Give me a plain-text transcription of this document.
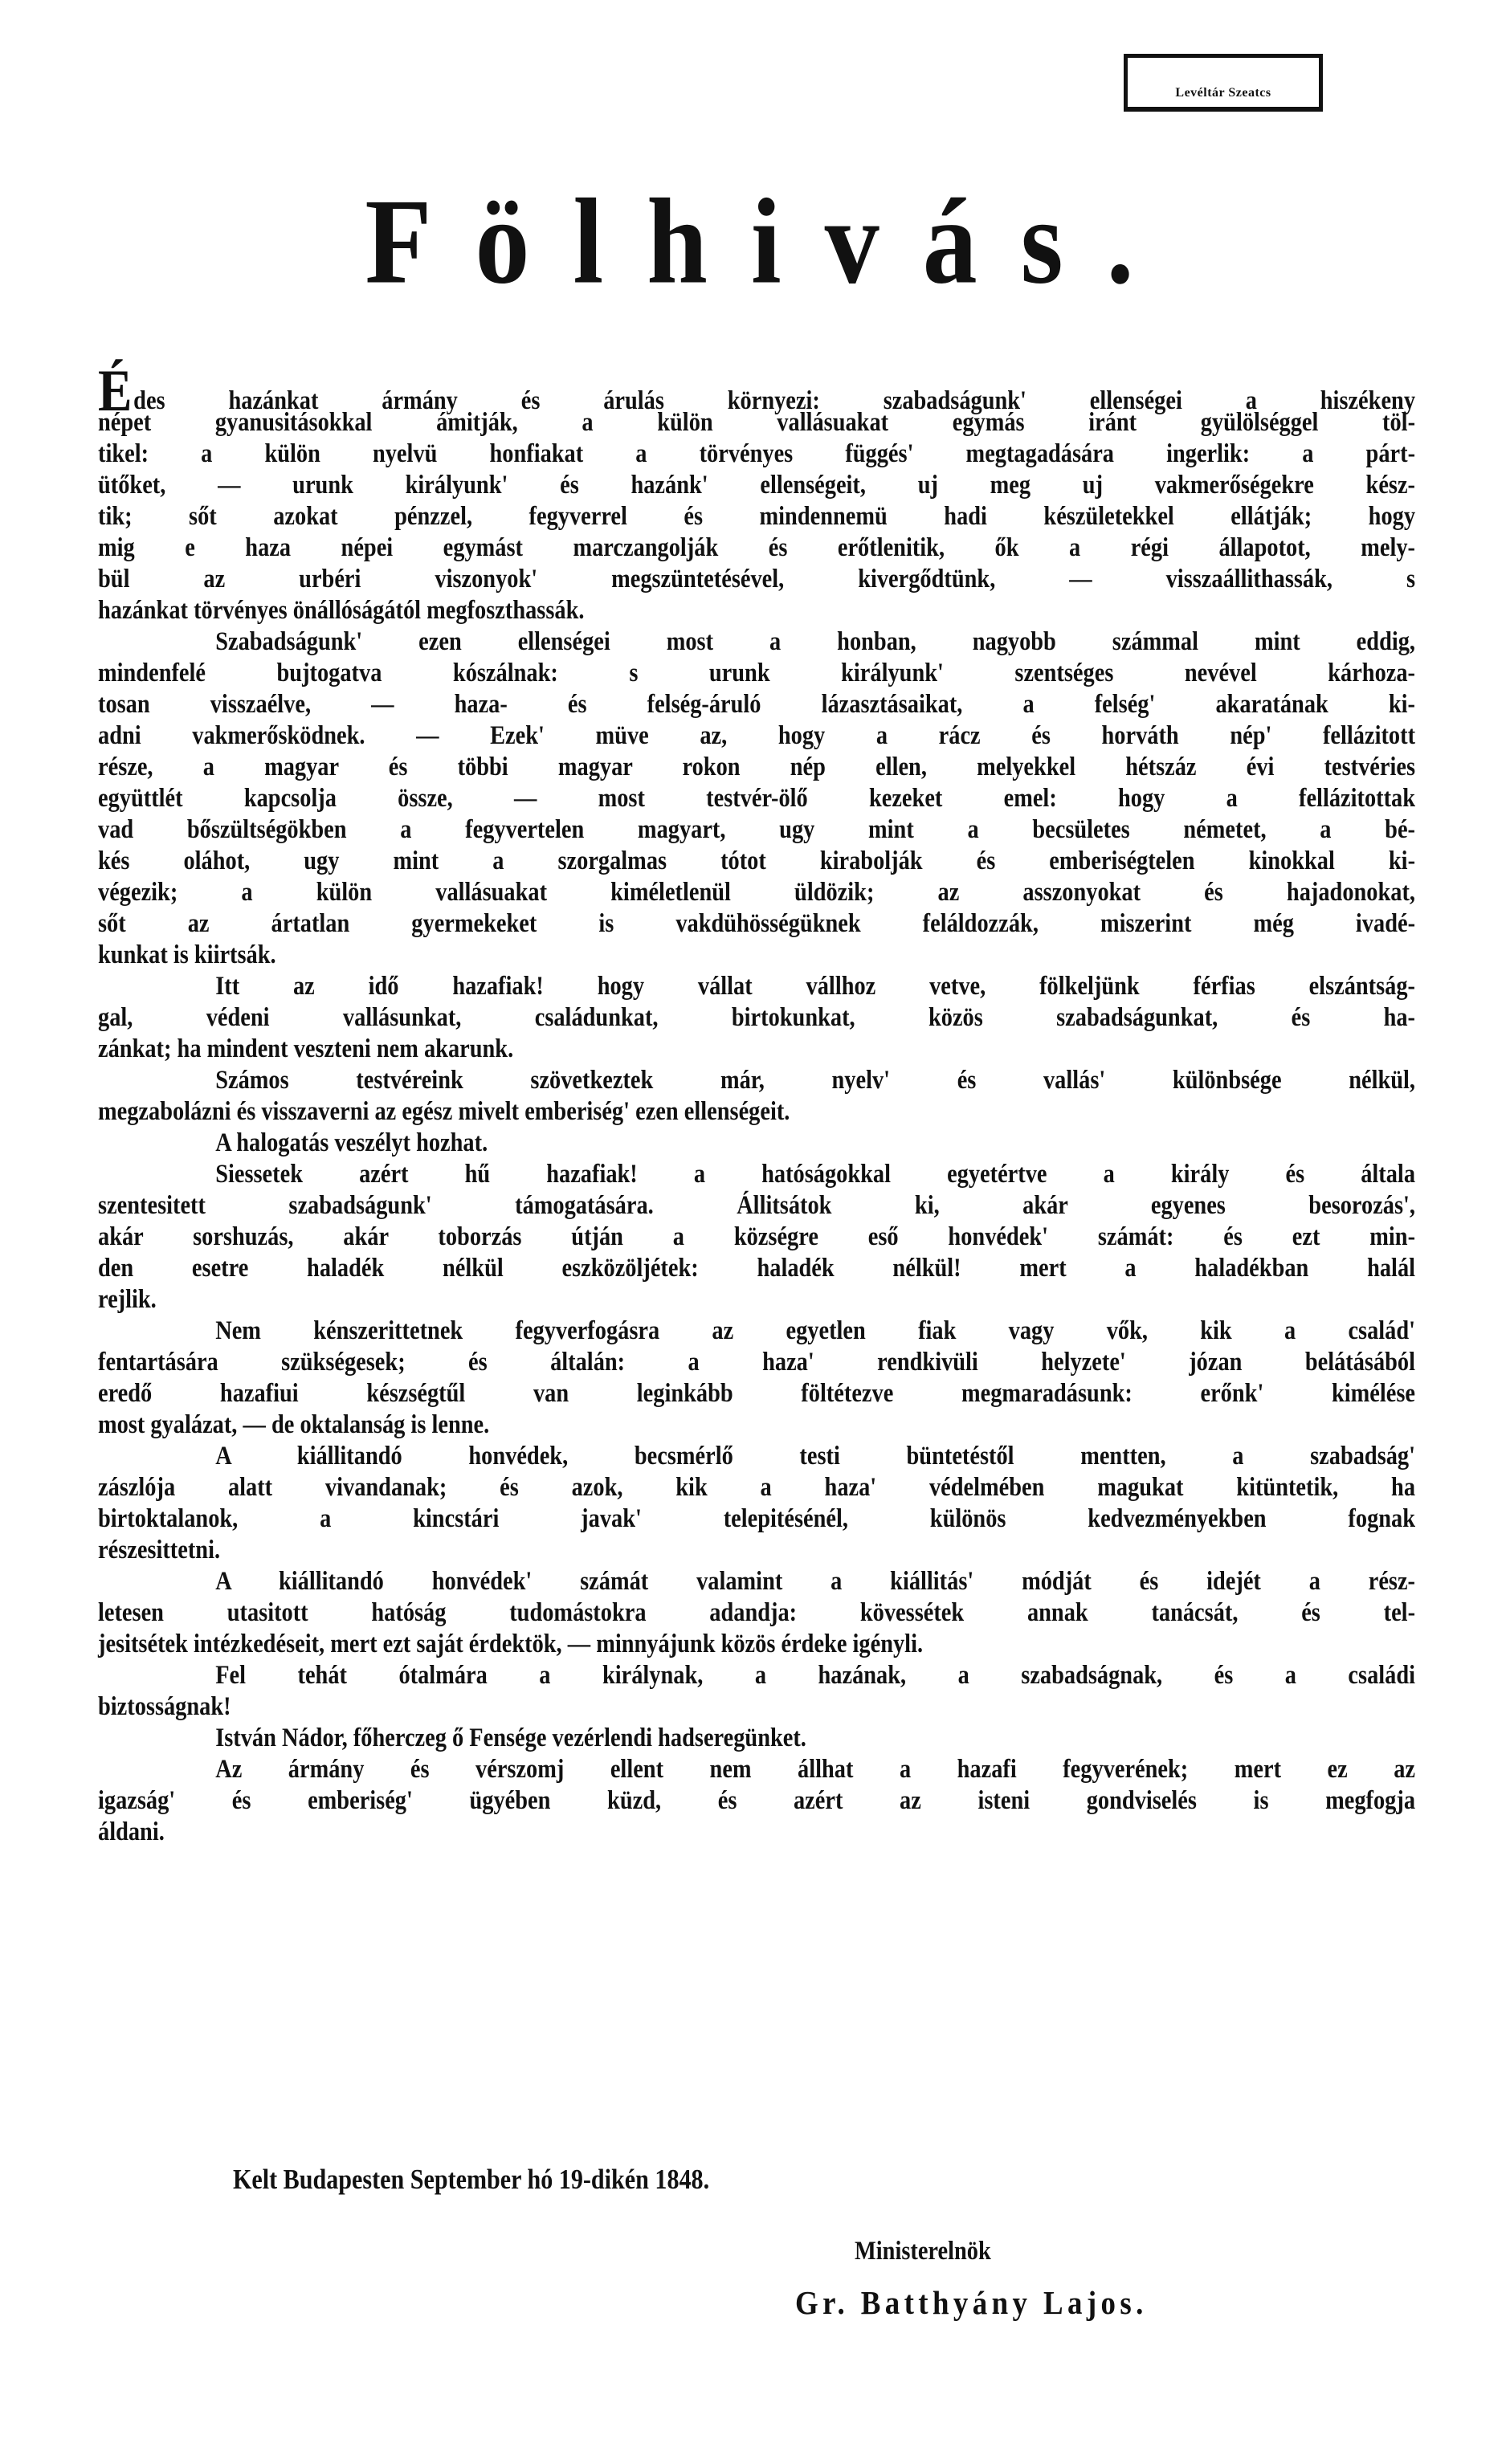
Levéltár Szeatcs
Fölhivás.
Édes hazánkat ármány és árulás környezi: szabadságunk' ellenségei a hiszékeny
népet gyanusitásokkal ámitják, a külön vallásuakat egymás iránt gyülölséggel töl-
tikel: a külön nyelvü honfiakat a törvényes függés' megtagadására ingerlik: a párt-
ütőket, — urunk királyunk' és hazánk' ellenségeit, uj meg uj vakmerőségekre kész-
tik; sőt azokat pénzzel, fegyverrel és mindennemü hadi készületekkel ellátják; hogy
mig e haza népei egymást marczangolják és erőtlenitik, ők a régi állapotot, mely-
bül az urbéri viszonyok' megszüntetésével, kivergődtünk, — visszaállithassák, s
hazánkat törvényes önállóságától megfoszthassák.
Szabadságunk' ezen ellenségei most a honban, nagyobb számmal mint eddig,
mindenfelé bujtogatva kószálnak: s urunk királyunk' szentséges nevével kárhoza-
tosan visszaélve, — haza- és felség-áruló lázasztásaikat, a felség' akaratának ki-
adni vakmerősködnek. — Ezek' müve az, hogy a rácz és horváth nép' fellázitott
része, a magyar és többi magyar rokon nép ellen, melyekkel hétszáz évi testvéries
együttlét kapcsolja össze, — most testvér-ölő kezeket emel: hogy a fellázitottak
vad bőszültségökben a fegyvertelen magyart, ugy mint a becsületes németet, a bé-
kés oláhot, ugy mint a szorgalmas tótot kirabolják és emberiségtelen kinokkal ki-
végezik; a külön vallásuakat kiméletlenül üldözik; az asszonyokat és hajadonokat,
sőt az ártatlan gyermekeket is vakdühösségüknek feláldozzák, miszerint még ivadé-
kunkat is kiirtsák.
Itt az idő hazafiak! hogy vállat vállhoz vetve, fölkeljünk férfias elszántság-
gal, védeni vallásunkat, családunkat, birtokunkat, közös szabadságunkat, és ha-
zánkat; ha mindent veszteni nem akarunk.
Számos testvéreink szövetkeztek már, nyelv' és vallás' különbsége nélkül,
megzabolázni és visszaverni az egész mivelt emberiség' ezen ellenségeit.
A halogatás veszélyt hozhat.
Siessetek azért hű hazafiak! a hatóságokkal egyetértve a király és általa
szentesitett szabadságunk' támogatására. Állitsátok ki, akár egyenes besorozás',
akár sorshuzás, akár toborzás útján a községre eső honvédek' számát: és ezt min-
den esetre haladék nélkül eszközöljétek: haladék nélkül! mert a haladékban halál
rejlik.
Nem kénszerittetnek fegyverfogásra az egyetlen fiak vagy vők, kik a család'
fentartására szükségesek; és általán: a haza' rendkivüli helyzete' józan belátásából
eredő hazafiui készségtűl van leginkább föltétezve megmaradásunk: erőnk' kimélése
most gyalázat, — de oktalanság is lenne.
A kiállitandó honvédek, becsmérlő testi büntetéstől mentten, a szabadság'
zászlója alatt vivandanak; és azok, kik a haza' védelmében magukat kitüntetik, ha
birtoktalanok, a kincstári javak' telepitésénél, különös kedvezményekben fognak
részesittetni.
A kiállitandó honvédek' számát valamint a kiállitás' módját és idejét a rész-
letesen utasitott hatóság tudomástokra adandja: kövessétek annak tanácsát, és tel-
jesitsétek intézkedéseit, mert ezt saját érdektök, — minnyájunk közös érdeke igényli.
Fel tehát ótalmára a királynak, a hazának, a szabadságnak, és a családi
biztosságnak!
István Nádor, főherczeg ő Fensége vezérlendi hadseregünket.
Az ármány és vérszomj ellent nem állhat a hazafi fegyverének; mert ez az
igazság' és emberiség' ügyében küzd, és azért az isteni gondviselés is megfogja
áldani.
Kelt Budapesten September hó 19-dikén 1848.
Ministerelnök
Gr. Batthyány Lajos.
